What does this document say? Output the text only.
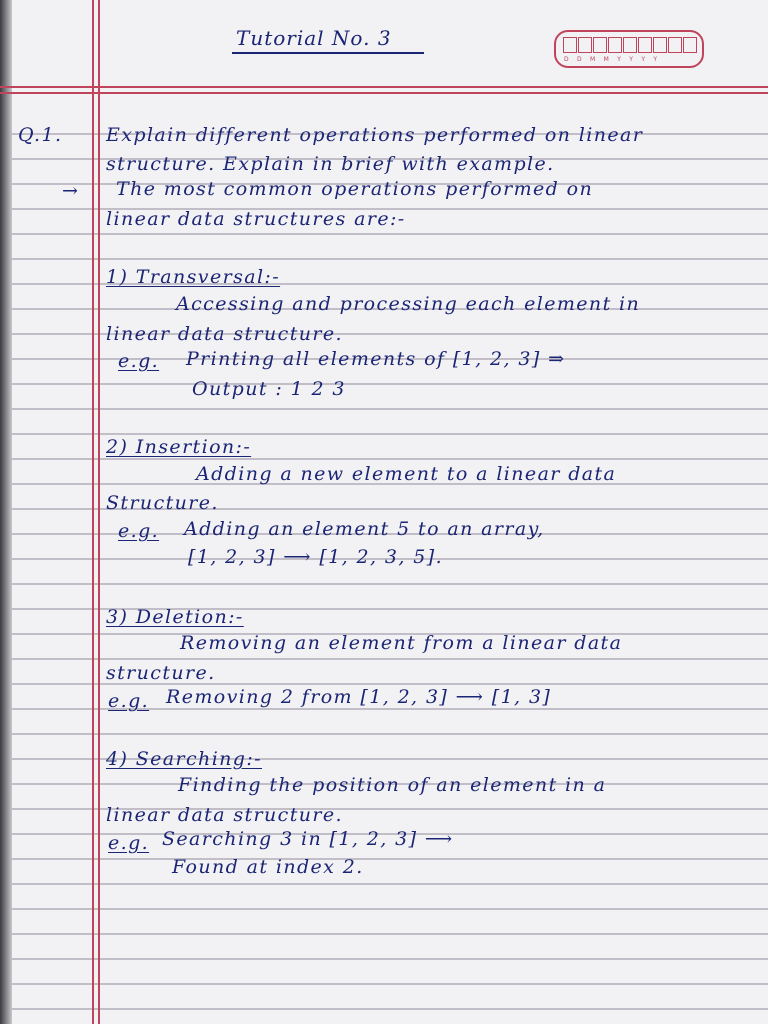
Tutorial No. 3
DDMMYYYY
Q.1. Explain different operations performed on linear
structure. Explain in brief with example.
→ The most common operations performed on
linear data structures are:-
1) Transversal:-
Accessing and processing each element in
linear data structure.
e.g. Printing all elements of [1, 2, 3] ⇒
Output : 1 2 3
2) Insertion:-
Adding a new element to a linear data
Structure.
e.g. Adding an element 5 to an array,
[1, 2, 3] ⟶ [1, 2, 3, 5].
3) Deletion:-
Removing an element from a linear data
structure.
e.g. Removing 2 from [1, 2, 3] ⟶ [1, 3]
4) Searching:-
Finding the position of an element in a
linear data structure.
e.g. Searching 3 in [1, 2, 3] ⟶
Found at index 2.
